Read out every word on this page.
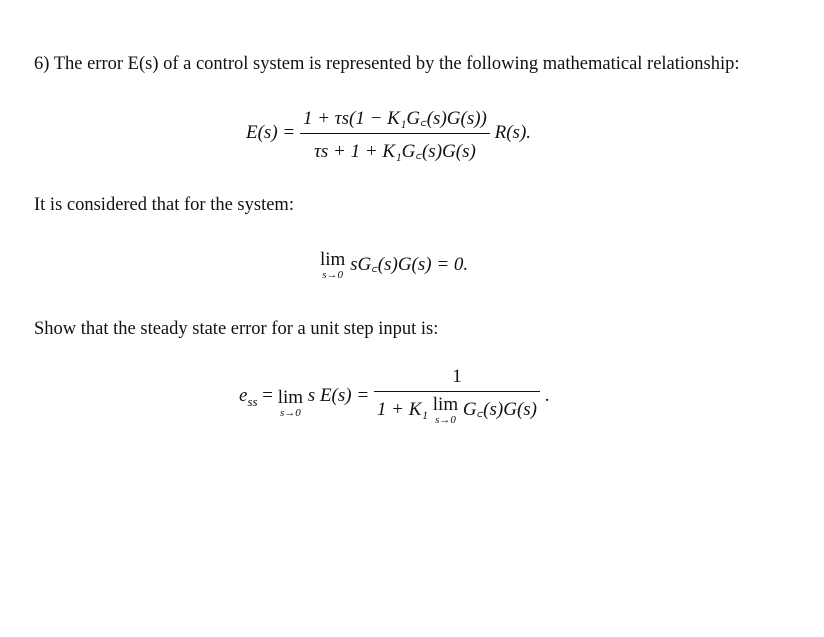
6) The error E(s) of a control system is represented by the following mathematical relationship:
$E(s) = \frac{\text{1 + τs(1 − K₁G꜀(s)G(s))}}{\text{τs + 1 + K₁G꜀(s)G(s)}} R(s)$.
It is considered that for the system:
lim
s→0 sG꜀(s)G(s) = 0.
Show that the steady state error for a unit step input is:
$e_{ss} = \lim$
s→0
s E(s) = 1
1 + K₁ lim
s→0 G꜀(s)G(s) .
